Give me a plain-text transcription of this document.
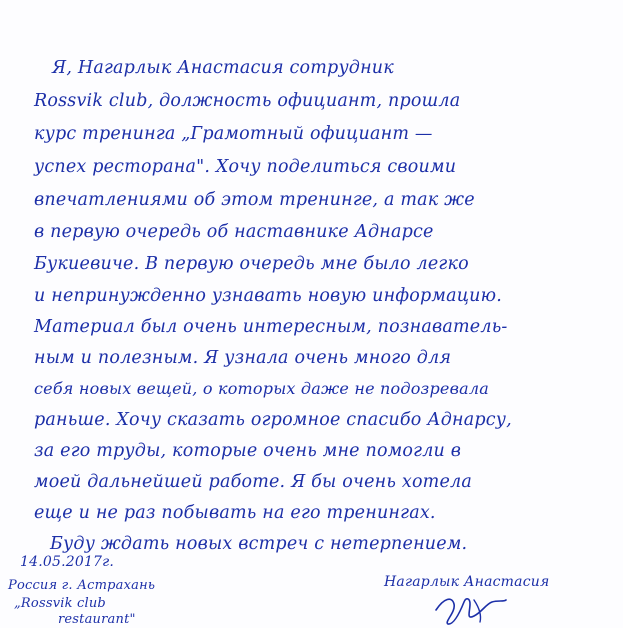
Я, Нагарлык Анастасия сотрудник
Rossvik club, должность официант, прошла
курс тренинга „Грамотный официант —
успех ресторана". Хочу поделиться своими
впечатлениями об этом тренинге, а так же
в первую очередь об наставнике Аднарсе
Букиевиче. В первую очередь мне было легко
и непринужденно узнавать новую информацию.
Материал был очень интересным, познаватель-
ным и полезным. Я узнала очень много для
себя новых вещей, о которых даже не подозревала
раньше. Хочу сказать огромное спасибо Аднарсу,
за его труды, которые очень мне помогли в
моей дальнейшей работе. Я бы очень хотела
еще и не раз побывать на его тренингах.
Буду ждать новых встреч с нетерпением.
14.05.2017г.
Россия г. Астрахань
„Rossvik club
restaurant"
Нагарлык Анастасия
